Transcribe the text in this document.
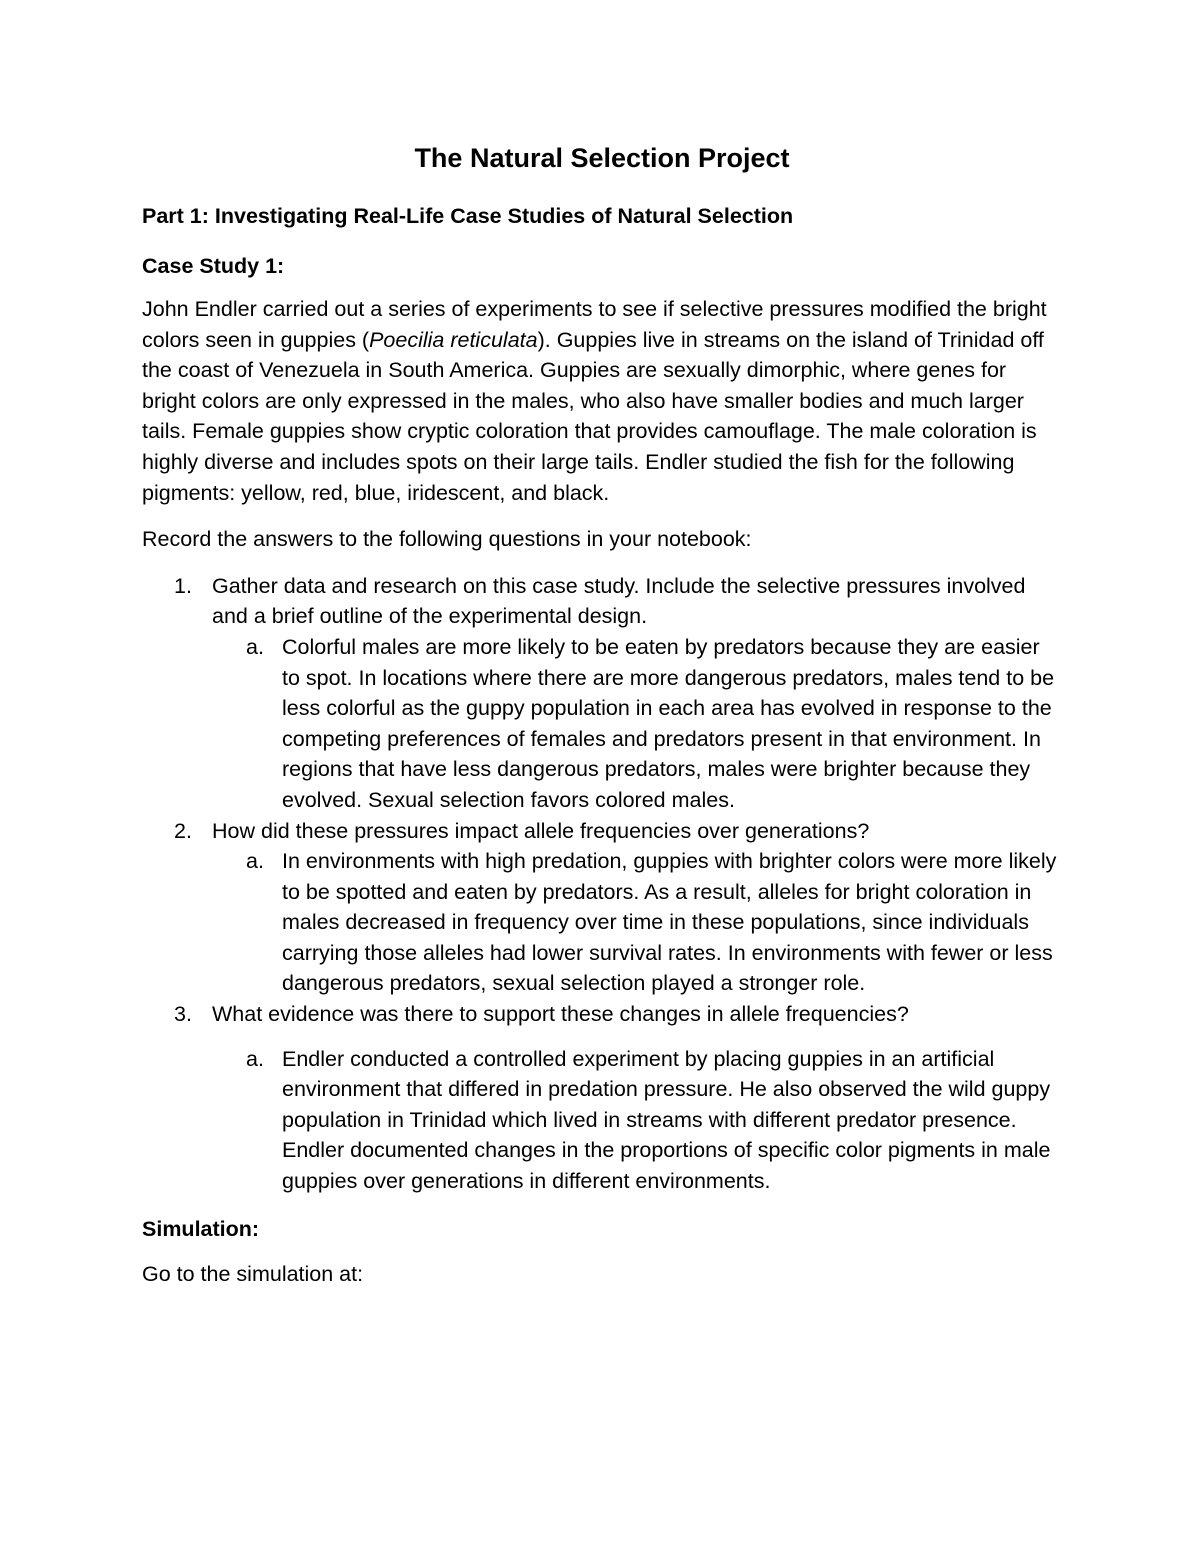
The Natural Selection Project
Part 1: Investigating Real-Life Case Studies of Natural Selection
Case Study 1:

John Endler carried out a series of experiments to see if selective pressures modified the bright colors seen in guppies (Poecilia reticulata). Guppies live in streams on the island of Trinidad off the coast of Venezuela in South America. Guppies are sexually dimorphic, where genes for bright colors are only expressed in the males, who also have smaller bodies and much larger tails. Female guppies show cryptic coloration that provides camouflage. The male coloration is highly diverse and includes spots on their large tails. Endler studied the fish for the following pigments: yellow, red, blue, iridescent, and black.

Record the answers to the following questions in your notebook:

1. Gather data and research on this case study. Include the selective pressures involved and a brief outline of the experimental design.
a. Colorful males are more likely to be eaten by predators because they are easier to spot. In locations where there are more dangerous predators, males tend to be less colorful as the guppy population in each area has evolved in response to the competing preferences of females and predators present in that environment. In regions that have less dangerous predators, males were brighter because they evolved. Sexual selection favors colored males.
2. How did these pressures impact allele frequencies over generations?
a. In environments with high predation, guppies with brighter colors were more likely to be spotted and eaten by predators. As a result, alleles for bright coloration in males decreased in frequency over time in these populations, since individuals carrying those alleles had lower survival rates. In environments with fewer or less dangerous predators, sexual selection played a stronger role.
3. What evidence was there to support these changes in allele frequencies?
a. Endler conducted a controlled experiment by placing guppies in an artificial environment that differed in predation pressure. He also observed the wild guppy population in Trinidad which lived in streams with different predator presence. Endler documented changes in the proportions of specific color pigments in male guppies over generations in different environments.
Simulation:

Go to the simulation at:
